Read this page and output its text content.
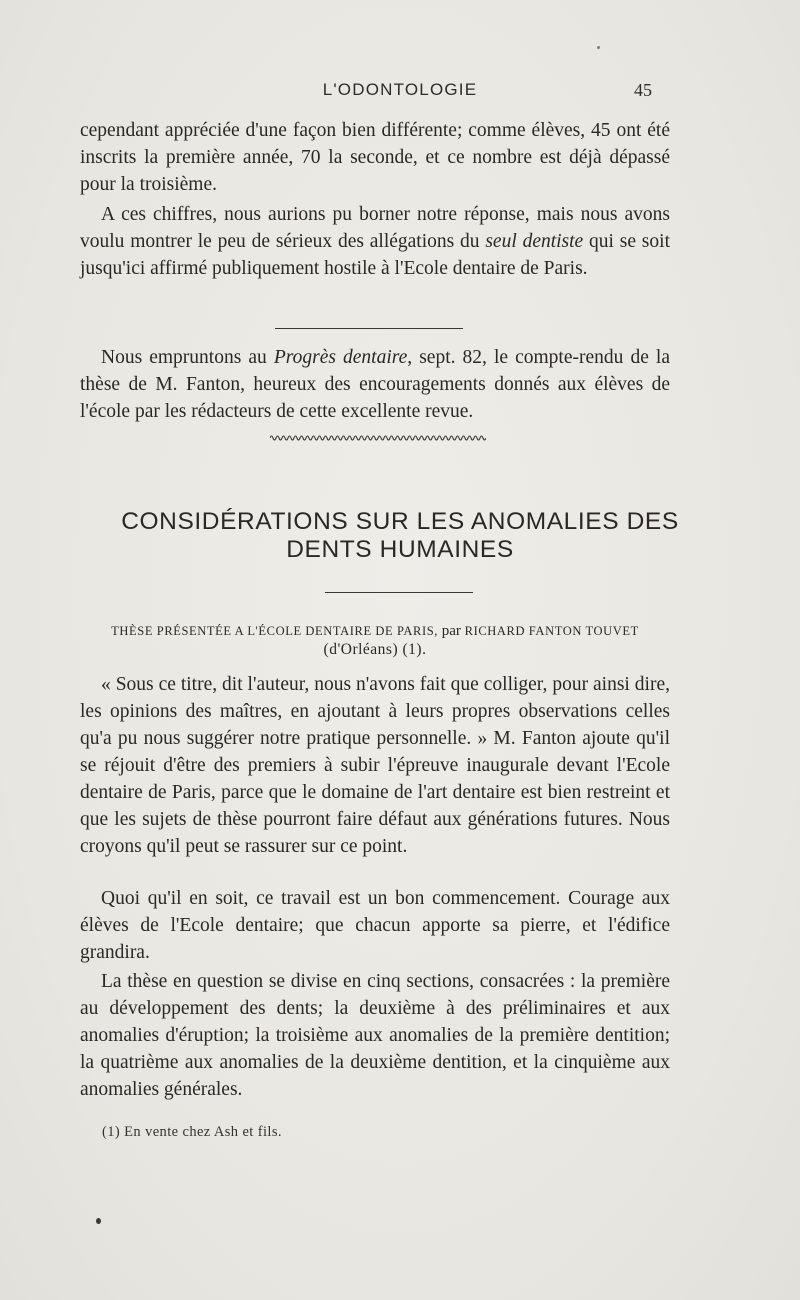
L'ODONTOLOGIE	45

cependant appréciée d'une façon bien différente; comme élèves, 45 ont été inscrits la première année, 70 la seconde, et ce nombre est déjà dépassé pour la troisième.

A ces chiffres, nous aurions pu borner notre réponse, mais nous avons voulu montrer le peu de sérieux des allégations du seul dentiste qui se soit jusqu'ici affirmé publiquement hostile à l'Ecole dentaire de Paris.

Nous empruntons au Progrès dentaire, sept. 82, le compte-rendu de la thèse de M. Fanton, heureux des encouragements donnés aux élèves de l'école par les rédacteurs de cette excellente revue.

CONSIDÉRATIONS SUR LES ANOMALIES DES
DENTS HUMAINES
THÈSE PRÉSENTÉE A L'ÉCOLE DENTAIRE DE PARIS, par RICHARD FANTON TOUVET
(d'Orléans) (1).

« Sous ce titre, dit l'auteur, nous n'avons fait que colliger, pour ainsi dire, les opinions des maîtres, en ajoutant à leurs propres observations celles qu'a pu nous suggérer notre pratique personnelle. » M. Fanton ajoute qu'il se réjouit d'être des premiers à subir l'épreuve inaugurale devant l'Ecole dentaire de Paris, parce que le domaine de l'art dentaire est bien restreint et que les sujets de thèse pourront faire défaut aux générations futures. Nous croyons qu'il peut se rassurer sur ce point.

Quoi qu'il en soit, ce travail est un bon commencement. Courage aux élèves de l'Ecole dentaire; que chacun apporte sa pierre, et l'édifice grandira.

La thèse en question se divise en cinq sections, consacrées : la première au développement des dents; la deuxième à des préliminaires et aux anomalies d'éruption; la troisième aux anomalies de la première dentition; la quatrième aux anomalies de la deuxième dentition, et la cinquième aux anomalies générales.

(1) En vente chez Ash et fils.
